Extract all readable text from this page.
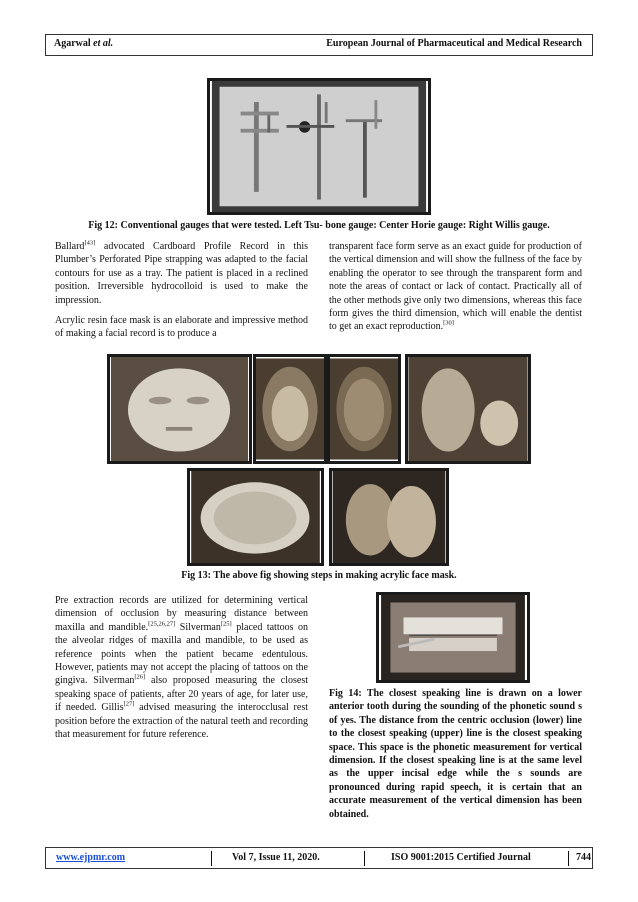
Agarwal et al.	European Journal of Pharmaceutical and Medical Research
Fig 12: Conventional gauges that were tested. Left Tsu- bone gauge: Center Horie gauge: Right Willis gauge.
Ballard[43] advocated Cardboard Profile Record in this Plumber’s Perforated Pipe strapping was adapted to the facial contours for use as a tray. The patient is placed in a reclined position. Irreversible hydrocolloid is used to make the impression.
Acrylic resin face mask is an elaborate and impressive method of making a facial record is to produce a
transparent face form serve as an exact guide for production of the vertical dimension and will show the fullness of the face by enabling the operator to see through the transparent form and note the areas of contact or lack of contact. Practically all of the other methods give only two dimensions, whereas this face form gives the third dimension, which will enable the dentist to get an exact reproduction.[30]
Fig 13: The above fig showing steps in making acrylic face mask.
Pre extraction records are utilized for determining vertical dimension of occlusion by measuring distance between maxilla and mandible.[25,26,27] Silverman[25] placed tattoos on the alveolar ridges of maxilla and mandible, to be used as reference points when the patient became edentulous. However, patients may not accept the placing of tattoos on the gingiva. Silverman[26] also proposed measuring the closest speaking space of patients, after 20 years of age, for later use, if needed. Gillis[27] advised measuring the interocclusal rest position before the extraction of the natural teeth and recording that measurement for future reference.
Fig 14: The closest speaking line is drawn on a lower anterior tooth during the sounding of the phonetic sound s of yes. The distance from the centric occlusion (lower) line to the closest speaking (upper) line is the closest speaking space. This space is the phonetic measurement for vertical dimension. If the closest speaking line is at the same level as the upper incisal edge while the s sounds are pronounced during rapid speech, it is certain that an accurate measurement of the vertical dimension has been obtained.
www.ejpmr.com	Vol 7, Issue 11, 2020.	ISO 9001:2015 Certified Journal	744
